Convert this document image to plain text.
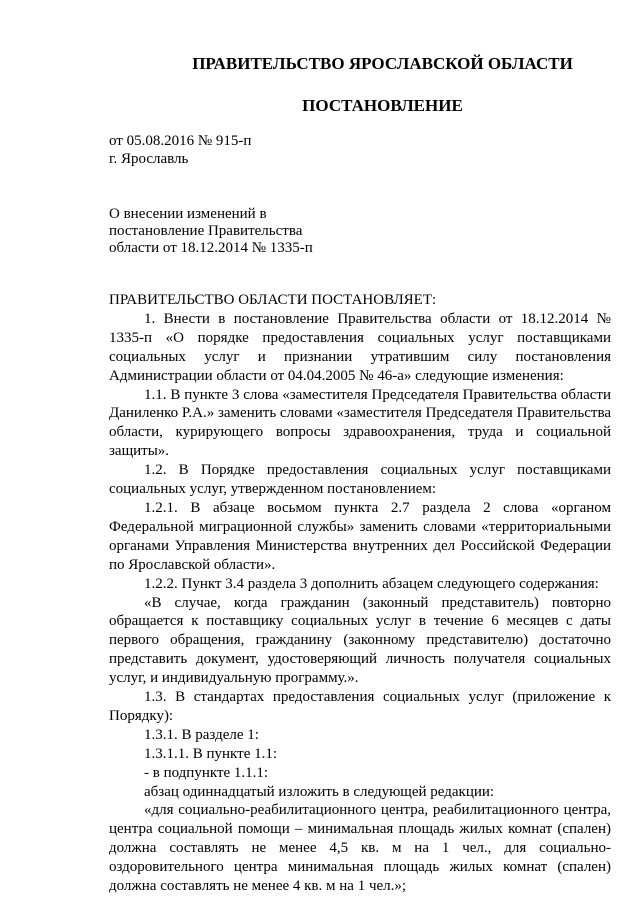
ПРАВИТЕЛЬСТВО ЯРОСЛАВСКОЙ ОБЛАСТИ
ПОСТАНОВЛЕНИЕ
от 05.08.2016 № 915-п
г. Ярославль
О внесении изменений в
постановление Правительства
области от 18.12.2014 № 1335-п

ПРАВИТЕЛЬСТВО ОБЛАСТИ ПОСТАНОВЛЯЕТ:

1. Внести в постановление Правительства области от 18.12.2014 № 1335-п «О порядке предоставления социальных услуг поставщиками социальных услуг и признании утратившим силу постановления Администрации области от 04.04.2005 № 46-а» следующие изменения:

1.1. В пункте 3 слова «заместителя Председателя Правительства области Даниленко Р.А.» заменить словами «заместителя Председателя Правительства области, курирующего вопросы здравоохранения, труда и социальной защиты».

1.2. В Порядке предоставления социальных услуг поставщиками социальных услуг, утвержденном постановлением:

1.2.1. В абзаце восьмом пункта 2.7 раздела 2 слова «органом Федеральной миграционной службы» заменить словами «территориальными органами Управления Министерства внутренних дел Российской Федерации по Ярославской области».

1.2.2. Пункт 3.4 раздела 3 дополнить абзацем следующего содержания:

«В случае, когда гражданин (законный представитель) повторно обращается к поставщику социальных услуг в течение 6 месяцев с даты первого обращения, гражданину (законному представителю) достаточно представить документ, удостоверяющий личность получателя социальных услуг, и индивидуальную программу.».

1.3. В стандартах предоставления социальных услуг (приложение к Порядку):

1.3.1. В разделе 1:

1.3.1.1. В пункте 1.1:

- в подпункте 1.1.1:

абзац одиннадцатый изложить в следующей редакции:

«для социально-реабилитационного центра, реабилитационного центра, центра социальной помощи – минимальная площадь жилых комнат (спален) должна составлять не менее 4,5 кв. м на 1 чел., для социально-оздоровительного центра минимальная площадь жилых комнат (спален) должна составлять не менее 4 кв. м на 1 чел.»;
